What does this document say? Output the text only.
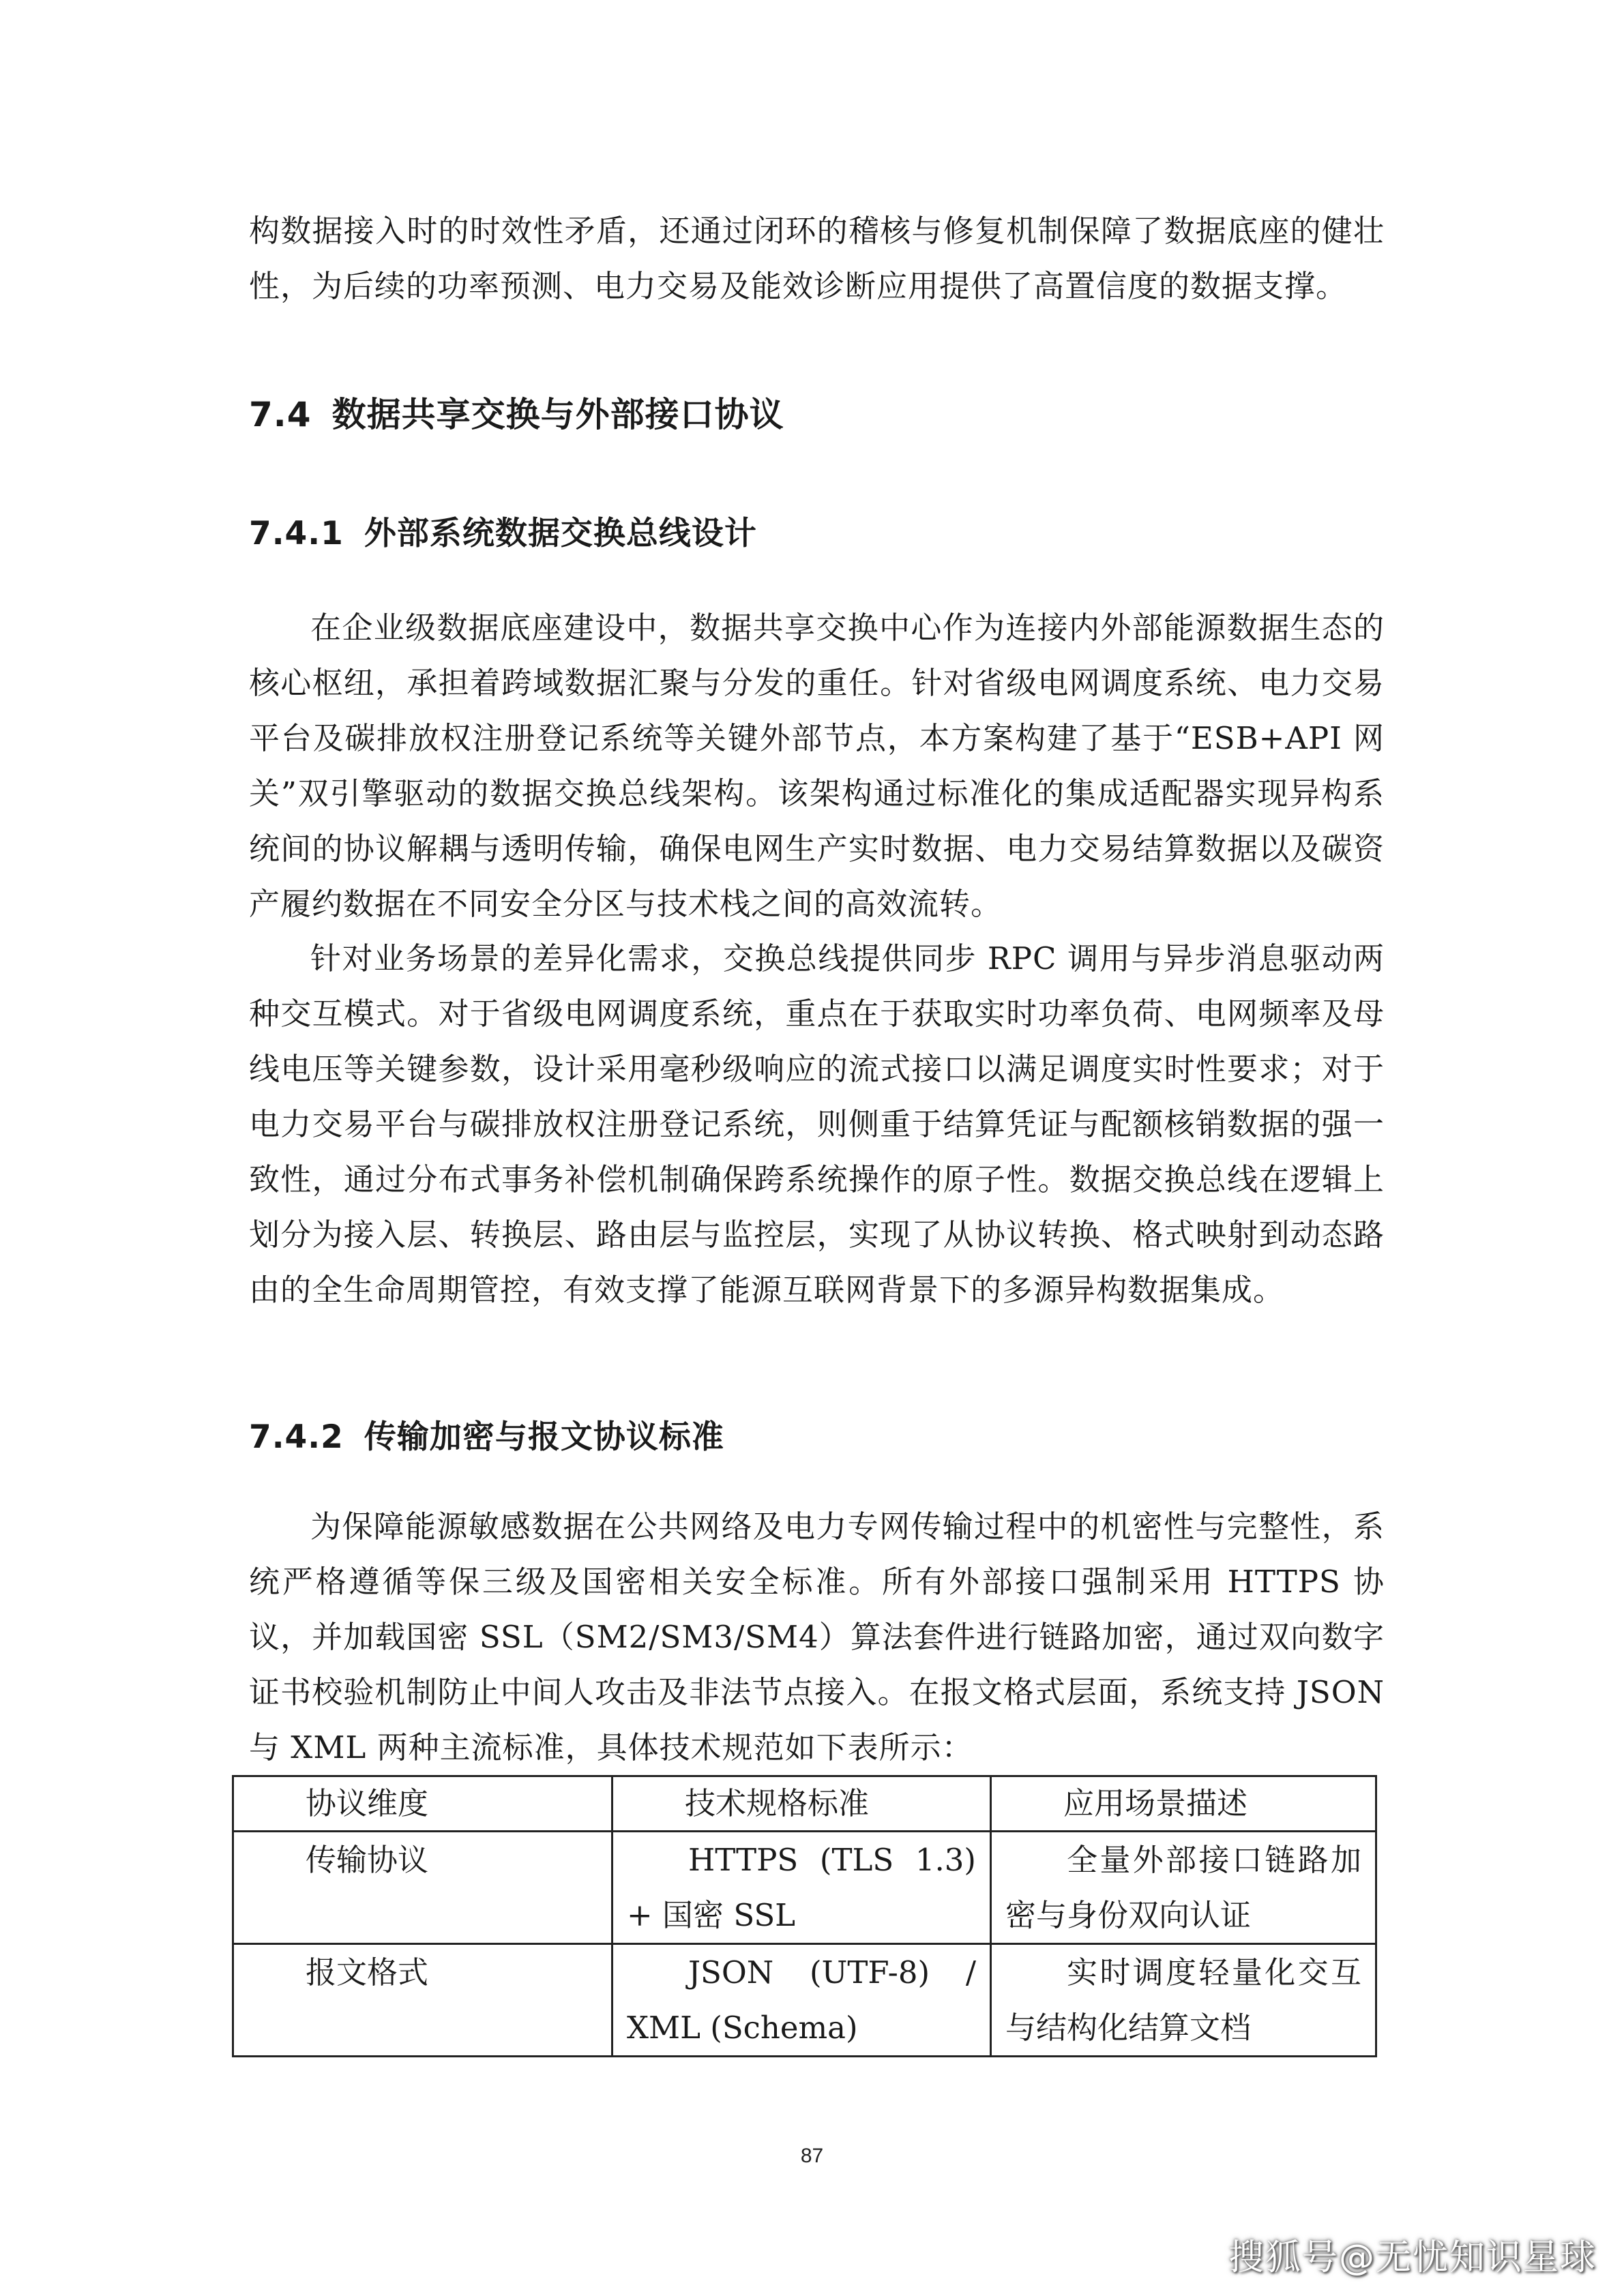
构数据接入时的时效性矛盾，还通过闭环的稽核与修复机制保障了数据底座的健壮性，为后续的功率预测、电力交易及能效诊断应用提供了高置信度的数据支撑。
7.4 数据共享交换与外部接口协议
7.4.1 外部系统数据交换总线设计
在企业级数据底座建设中，数据共享交换中心作为连接内外部能源数据生态的核心枢纽，承担着跨域数据汇聚与分发的重任。针对省级电网调度系统、电力交易平台及碳排放权注册登记系统等关键外部节点，本方案构建了基于“ESB+API 网关”双引擎驱动的数据交换总线架构。该架构通过标准化的集成适配器实现异构系统间的协议解耦与透明传输，确保电网生产实时数据、电力交易结算数据以及碳资产履约数据在不同安全分区与技术栈之间的高效流转。
针对业务场景的差异化需求，交换总线提供同步 RPC 调用与异步消息驱动两种交互模式。对于省级电网调度系统，重点在于获取实时功率负荷、电网频率及母线电压等关键参数，设计采用毫秒级响应的流式接口以满足调度实时性要求；对于电力交易平台与碳排放权注册登记系统，则侧重于结算凭证与配额核销数据的强一致性，通过分布式事务补偿机制确保跨系统操作的原子性。数据交换总线在逻辑上划分为接入层、转换层、路由层与监控层，实现了从协议转换、格式映射到动态路由的全生命周期管控，有效支撑了能源互联网背景下的多源异构数据集成。
7.4.2 传输加密与报文协议标准
为保障能源敏感数据在公共网络及电力专网传输过程中的机密性与完整性，系统严格遵循等保三级及国密相关安全标准。所有外部接口强制采用 HTTPS 协议，并加载国密 SSL（SM2/SM3/SM4）算法套件进行链路加密，通过双向数字证书校验机制防止中间人攻击及非法节点接入。在报文格式层面，系统支持 JSON 与 XML 两种主流标准，具体技术规范如下表所示：
协议维度	技术规格标准	应用场景描述
传输协议	HTTPS (TLS 1.3) + 国密 SSL	全量外部接口链路加密与身份双向认证
报文格式	JSON (UTF-8) / XML (Schema)	实时调度轻量化交互与结构化结算文档
87
搜狐号@无忧知识星球
